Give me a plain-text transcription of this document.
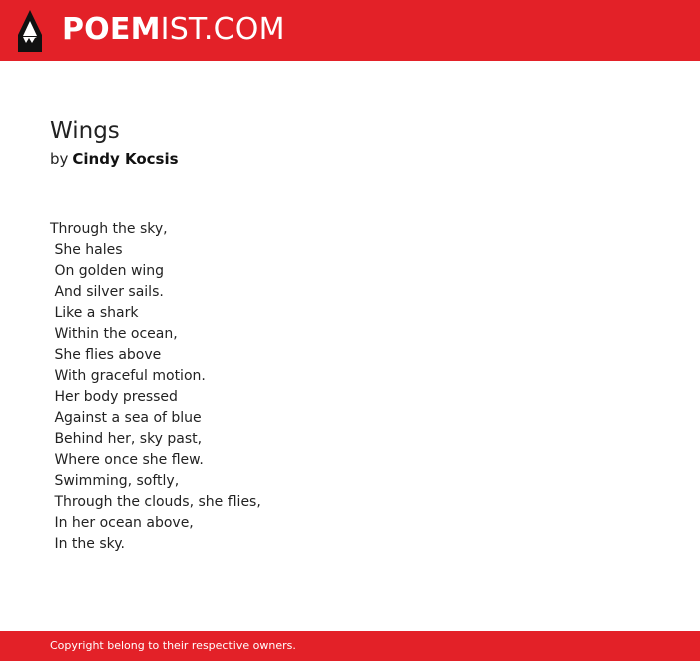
POEMIST.COM
Wings
by Cindy Kocsis
Through the sky,
She hales
On golden wing
And silver sails.
Like a shark
Within the ocean,
She flies above
With graceful motion.
Her body pressed
Against a sea of blue
Behind her, sky past,
Where once she flew.
Swimming, softly,
Through the clouds, she flies,
In her ocean above,
In the sky.
Copyright belong to their respective owners.
